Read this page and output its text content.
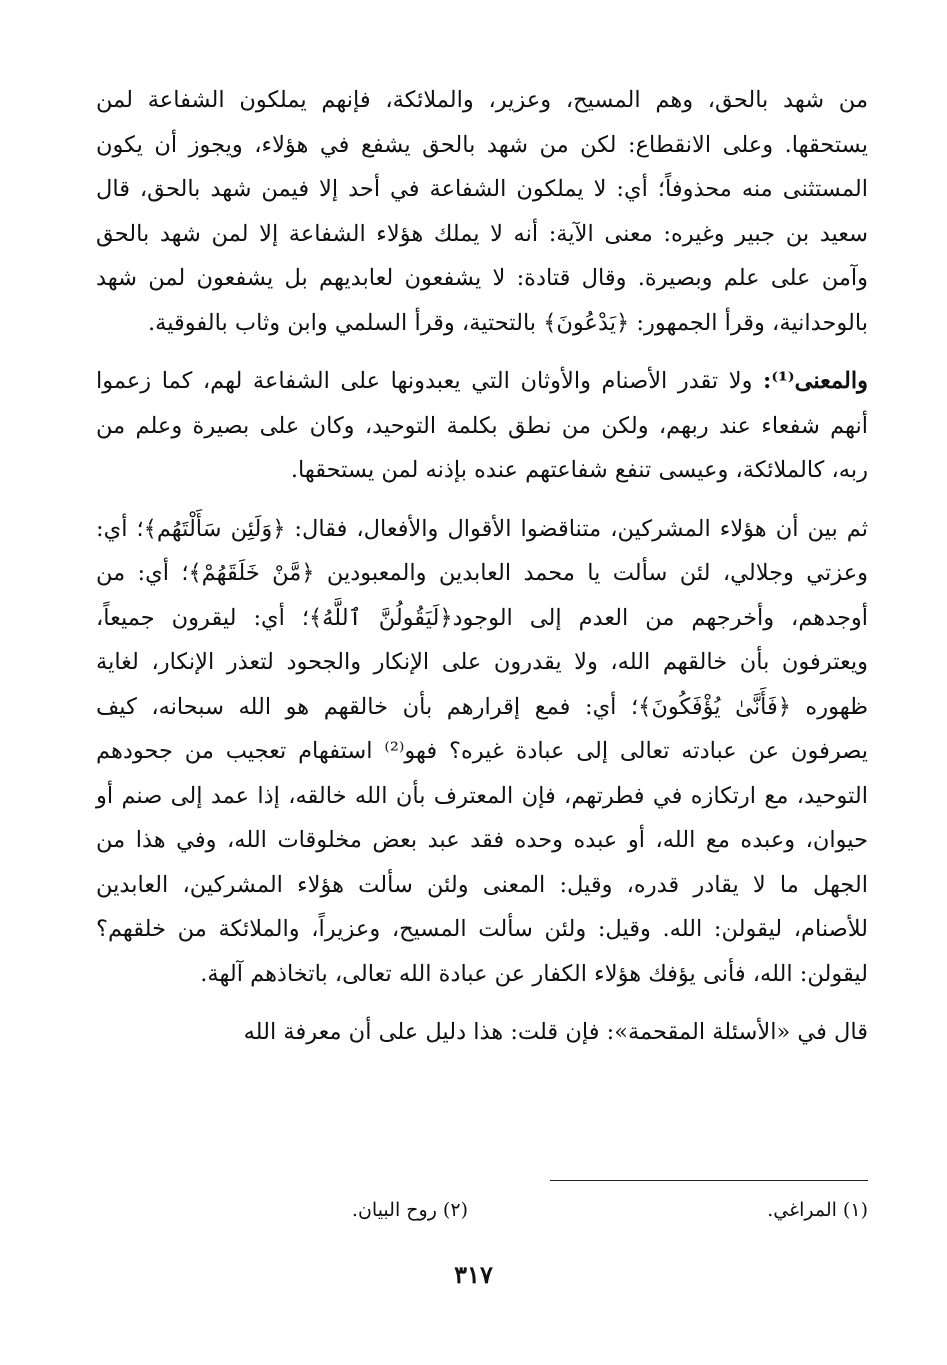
من شهد بالحق، وهم المسيح، وعزير، والملائكة، فإنهم يملكون الشفاعة لمن يستحقها. وعلى الانقطاع: لكن من شهد بالحق يشفع في هؤلاء، ويجوز أن يكون المستثنى منه محذوفاً؛ أي: لا يملكون الشفاعة في أحد إلا فيمن شهد بالحق، قال سعيد بن جبير وغيره: معنى الآية: أنه لا يملك هؤلاء الشفاعة إلا لمن شهد بالحق وآمن على علم وبصيرة. وقال قتادة: لا يشفعون لعابديهم بل يشفعون لمن شهد بالوحدانية، وقرأ الجمهور: ﴿يَدْعُونَ﴾ بالتحتية، وقرأ السلمي وابن وثاب بالفوقية.

والمعنى⁽¹⁾: ولا تقدر الأصنام والأوثان التي يعبدونها على الشفاعة لهم، كما زعموا أنهم شفعاء عند ربهم، ولكن من نطق بكلمة التوحيد، وكان على بصيرة وعلم من ربه، كالملائكة، وعيسى تنفع شفاعتهم عنده بإذنه لمن يستحقها.

ثم بين أن هؤلاء المشركين، متناقضوا الأقوال والأفعال، فقال: ﴿وَلَئِن سَأَلْتَهُم﴾؛ أي: وعزتي وجلالي، لئن سألت يا محمد العابدين والمعبودين ﴿مَّنْ خَلَقَهُمْ﴾؛ أي: من أوجدهم، وأخرجهم من العدم إلى الوجود﴿لَيَقُولُنَّ ٱللَّهُ﴾؛ أي: ليقرون جميعاً، ويعترفون بأن خالقهم الله، ولا يقدرون على الإنكار والجحود لتعذر الإنكار، لغاية ظهوره ﴿فَأَنَّىٰ يُؤْفَكُونَ﴾؛ أي: فمع إقرارهم بأن خالقهم هو الله سبحانه، كيف يصرفون عن عبادته تعالى إلى عبادة غيره؟ فهو⁽²⁾ استفهام تعجيب من جحودهم التوحيد، مع ارتكازه في فطرتهم، فإن المعترف بأن الله خالقه، إذا عمد إلى صنم أو حيوان، وعبده مع الله، أو عبده وحده فقد عبد بعض مخلوقات الله، وفي هذا من الجهل ما لا يقادر قدره، وقيل: المعنى ولئن سألت هؤلاء المشركين، العابدين للأصنام، ليقولن: الله. وقيل: ولئن سألت المسيح، وعزيراً، والملائكة من خلقهم؟ ليقولن: الله، فأنى يؤفك هؤلاء الكفار عن عبادة الله تعالى، باتخاذهم آلهة.

قال في «الأسئلة المقحمة»: فإن قلت: هذا دليل على أن معرفة الله

(١) المراغي.
(٢) روح البيان.
٣١٧
